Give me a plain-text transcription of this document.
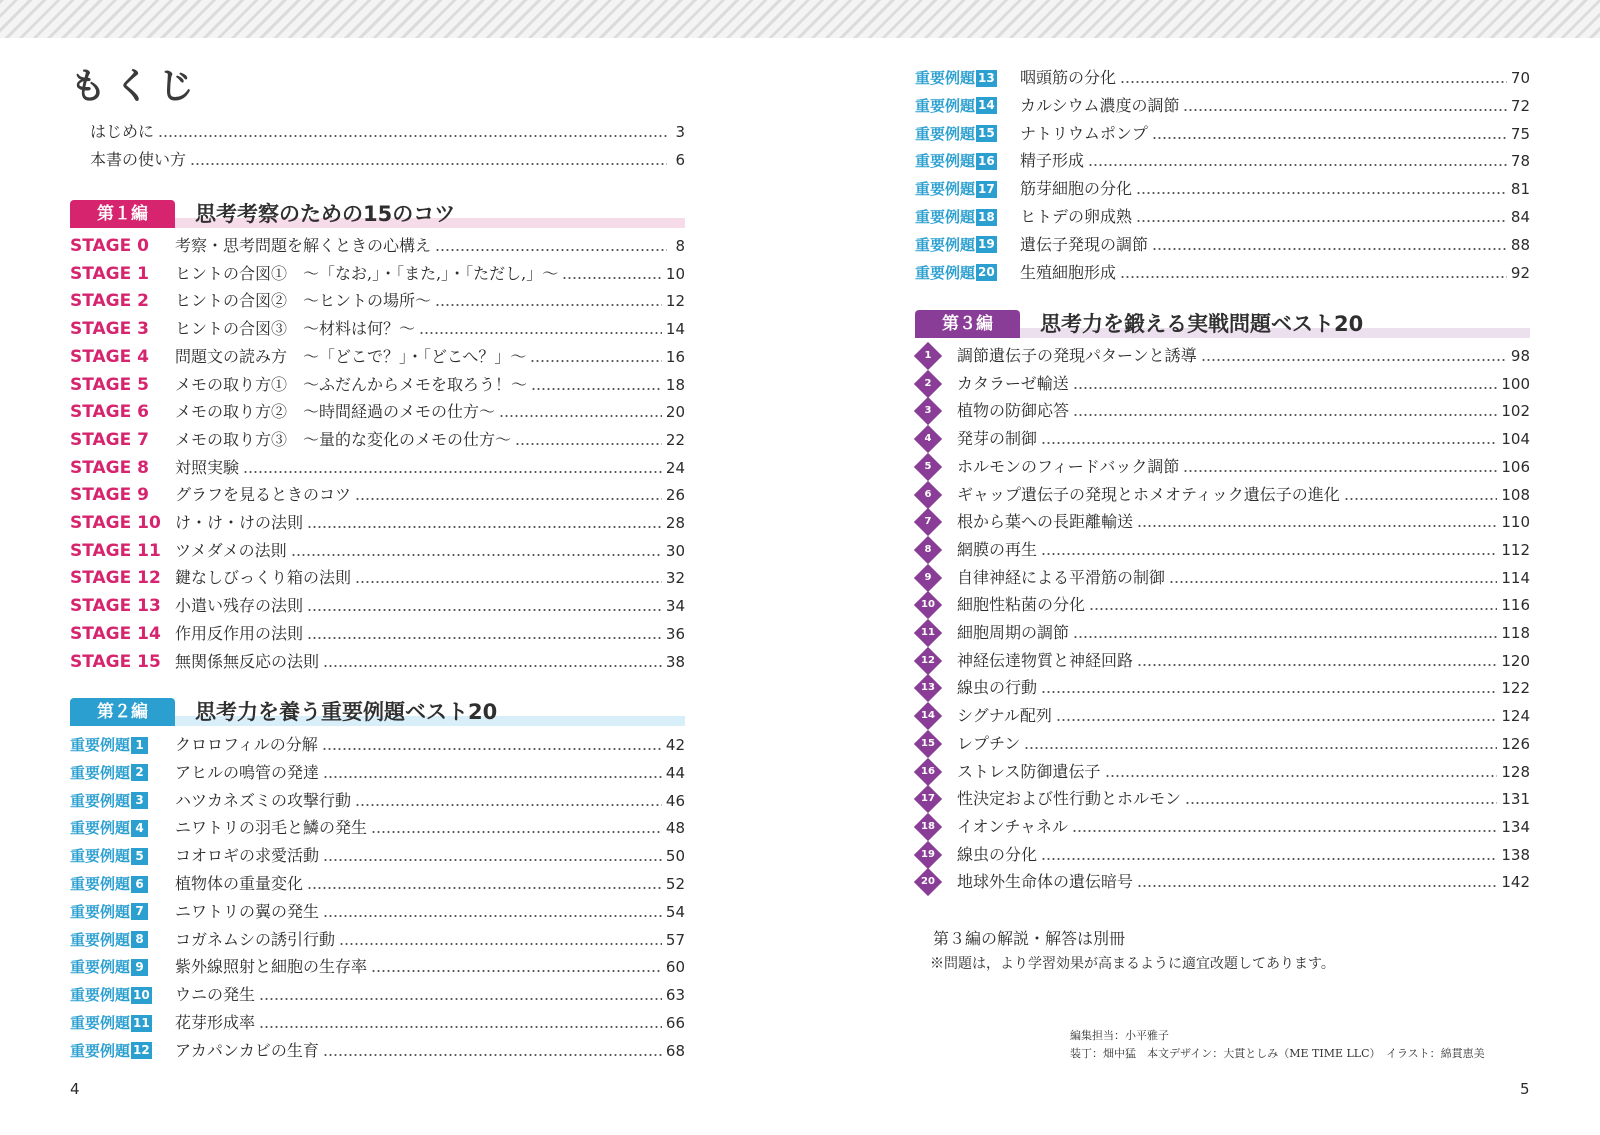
もくじ
はじめに	3
本書の使い方	6
第１編	思考考察のための15のコツ
STAGE 0	考察・思考問題を解くときの心構え	8
STAGE 1	ヒントの合図①　〜「なお,」・「また,」・「ただし,」〜	10
STAGE 2	ヒントの合図②　〜ヒントの場所〜	12
STAGE 3	ヒントの合図③　〜材料は何？〜	14
STAGE 4	問題文の読み方　〜「どこで？」・「どこへ？」〜	16
STAGE 5	メモの取り方①　〜ふだんからメモを取ろう！〜	18
STAGE 6	メモの取り方②　〜時間経過のメモの仕方〜	20
STAGE 7	メモの取り方③　〜量的な変化のメモの仕方〜	22
STAGE 8	対照実験	24
STAGE 9	グラフを見るときのコツ	26
STAGE 10 け・け・けの法則	28
STAGE 11 ツメダメの法則	30
STAGE 12 鍵なしびっくり箱の法則	32
STAGE 13 小遣い残存の法則	34
STAGE 14 作用反作用の法則	36
STAGE 15 無関係無反応の法則	38
第２編	思考力を養う重要例題ベスト20
重要例題 1 クロロフィルの分解	42
重要例題 2 アヒルの鳴管の発達	44
重要例題 3 ハツカネズミの攻撃行動	46
重要例題 4 ニワトリの羽毛と鱗の発生	48
重要例題 5 コオロギの求愛活動	50
重要例題 6 植物体の重量変化	52
重要例題 7 ニワトリの翼の発生	54
重要例題 8 コガネムシの誘引行動	57
重要例題 9 紫外線照射と細胞の生存率	60
重要例題 10 ウニの発生	63
重要例題 11 花芽形成率	66
重要例題 12 アカパンカビの生育	68
重要例題 13 咽頭筋の分化	70
重要例題 14 カルシウム濃度の調節	72
重要例題 15 ナトリウムポンプ	75
重要例題 16 精子形成	78
重要例題 17 筋芽細胞の分化	81
重要例題 18 ヒトデの卵成熟	84
重要例題 19 遺伝子発現の調節	88
重要例題 20 生殖細胞形成	92
第３編	思考力を鍛える実戦問題ベスト20
1	調節遺伝子の発現パターンと誘導	98
2	カタラーゼ輸送	100
3	植物の防御応答	102
4	発芽の制御	104
5	ホルモンのフィードバック調節	106
6	ギャップ遺伝子の発現とホメオティック遺伝子の進化	108
7	根から葉への長距離輸送	110
8	網膜の再生	112
9	自律神経による平滑筋の制御	114
10	細胞性粘菌の分化	116
11	細胞周期の調節	118
12	神経伝達物質と神経回路	120
13	線虫の行動	122
14	シグナル配列	124
15	レプチン	126
16	ストレス防御遺伝子	128
17	性決定および性行動とホルモン	131
18	イオンチャネル	134
19	線虫の分化	138
20	地球外生命体の遺伝暗号	142
第３編の解説・解答は別冊
※問題は，より学習効果が高まるように適宜改題してあります。
編集担当：小平雅子
装丁：畑中猛　本文デザイン：大貫としみ（ME TIME LLC）　イラスト：綿貫恵美
4	5
